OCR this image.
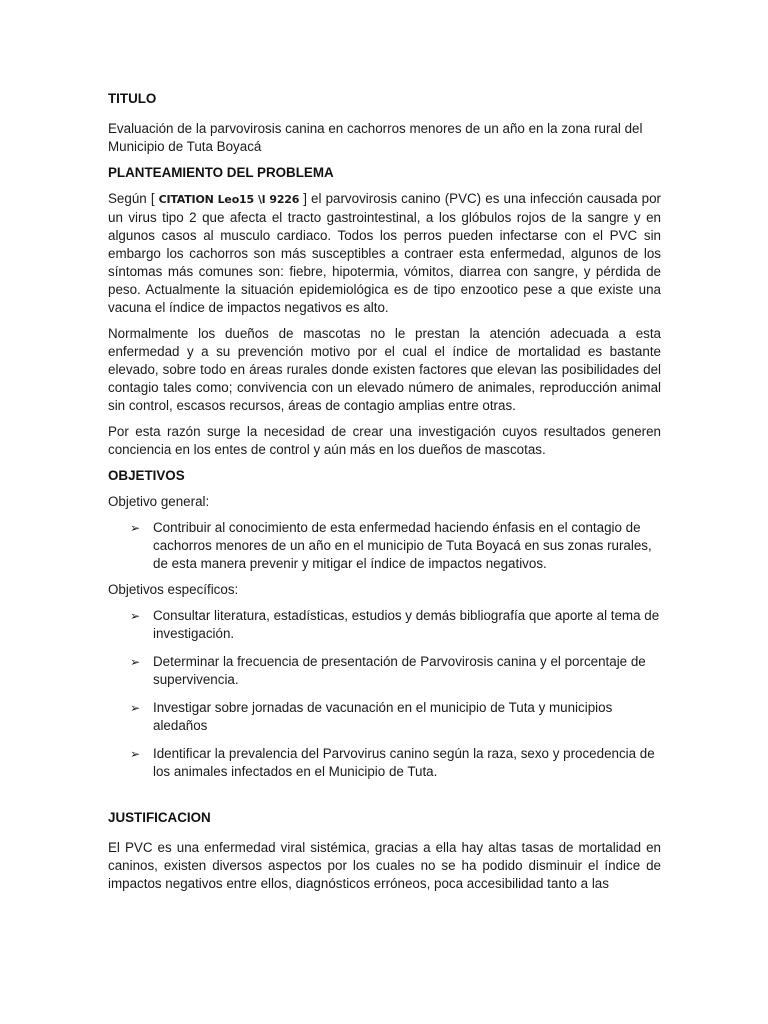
TITULO

Evaluación de la parvovirosis canina en cachorros menores de un año en la zona rural del Municipio de Tuta Boyacá

PLANTEAMIENTO DEL PROBLEMA

Según [ CITATION Leo15 \l 9226 ] el parvovirosis canino (PVC) es una infección causada por un virus tipo 2 que afecta el tracto gastrointestinal, a los glóbulos rojos de la sangre y en algunos casos al musculo cardiaco. Todos los perros pueden infectarse con el PVC sin embargo los cachorros son más susceptibles a contraer esta enfermedad, algunos de los síntomas más comunes son: fiebre, hipotermia, vómitos, diarrea con sangre, y pérdida de peso. Actualmente la situación epidemiológica es de tipo enzootico pese a que existe una vacuna el índice de impactos negativos es alto.

Normalmente los dueños de mascotas no le prestan la atención adecuada a esta enfermedad y a su prevención motivo por el cual el índice de mortalidad es bastante elevado, sobre todo en áreas rurales donde existen factores que elevan las posibilidades del contagio tales como; convivencia con un elevado número de animales, reproducción animal sin control, escasos recursos, áreas de contagio amplias entre otras.

Por esta razón surge la necesidad de crear una investigación cuyos resultados generen conciencia en los entes de control y aún más en los dueños de mascotas.

OBJETIVOS

Objetivo general:

➢ Contribuir al conocimiento de esta enfermedad haciendo énfasis en el contagio de cachorros menores de un año en el municipio de Tuta Boyacá en sus zonas rurales, de esta manera prevenir y mitigar el índice de impactos negativos.

Objetivos específicos:

➢ Consultar literatura, estadísticas, estudios y demás bibliografía que aporte al tema de investigación.
➢ Determinar la frecuencia de presentación de Parvovirosis canina y el porcentaje de supervivencia.
➢ Investigar sobre jornadas de vacunación en el municipio de Tuta y municipios aledaños
➢ Identificar la prevalencia del Parvovirus canino según la raza, sexo y procedencia de los animales infectados en el Municipio de Tuta.
JUSTIFICACION

El PVC es una enfermedad viral sistémica, gracias a ella hay altas tasas de mortalidad en caninos, existen diversos aspectos por los cuales no se ha podido disminuir el índice de impactos negativos entre ellos, diagnósticos erróneos, poca accesibilidad tanto a las
